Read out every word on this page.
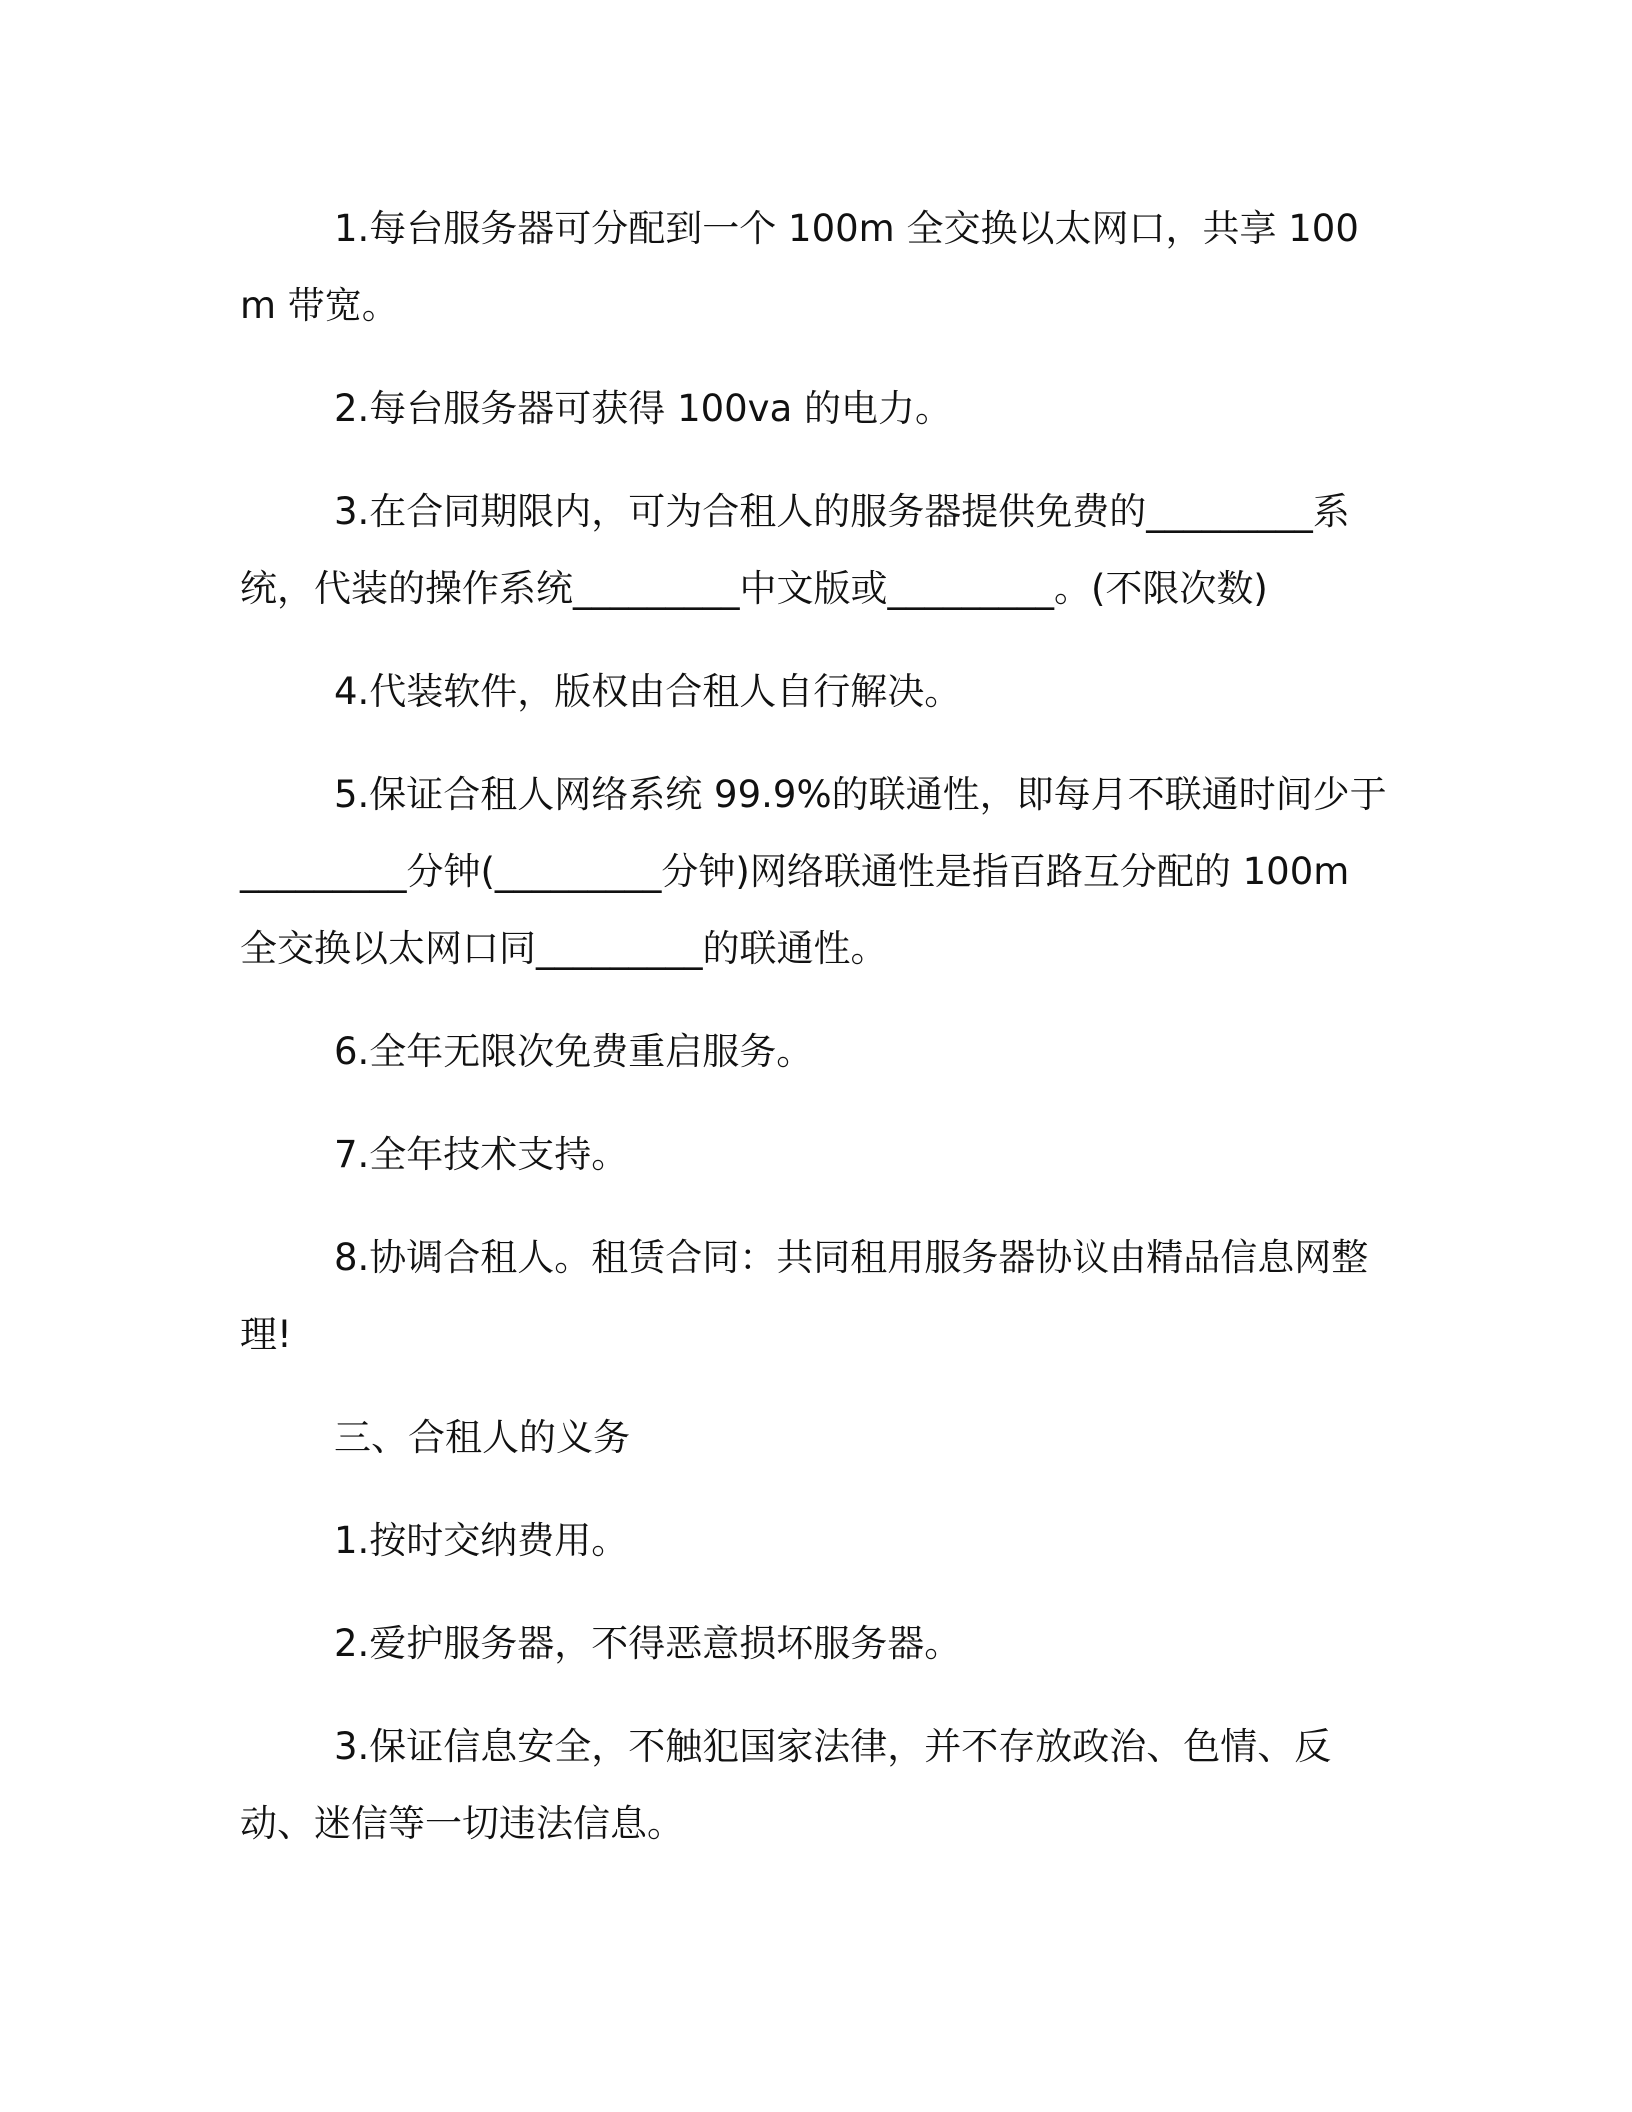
1.每台服务器可分配到一个 100m 全交换以太网口，共享 100m 带宽。

2.每台服务器可获得 100va 的电力。

3.在合同期限内，可为合租人的服务器提供免费的_________系统，代装的操作系统_________中文版或_________。(不限次数)

4.代装软件，版权由合租人自行解决。

5.保证合租人网络系统 99.9%的联通性，即每月不联通时间少于_________分钟(_________分钟)网络联通性是指百路互分配的 100m 全交换以太网口同_________的联通性。

6.全年无限次免费重启服务。

7.全年技术支持。

8.协调合租人。租赁合同：共同租用服务器协议由精品信息网整理!

三、合租人的义务

1.按时交纳费用。

2.爱护服务器，不得恶意损坏服务器。

3.保证信息安全，不触犯国家法律，并不存放政治、色情、反动、迷信等一切违法信息。
